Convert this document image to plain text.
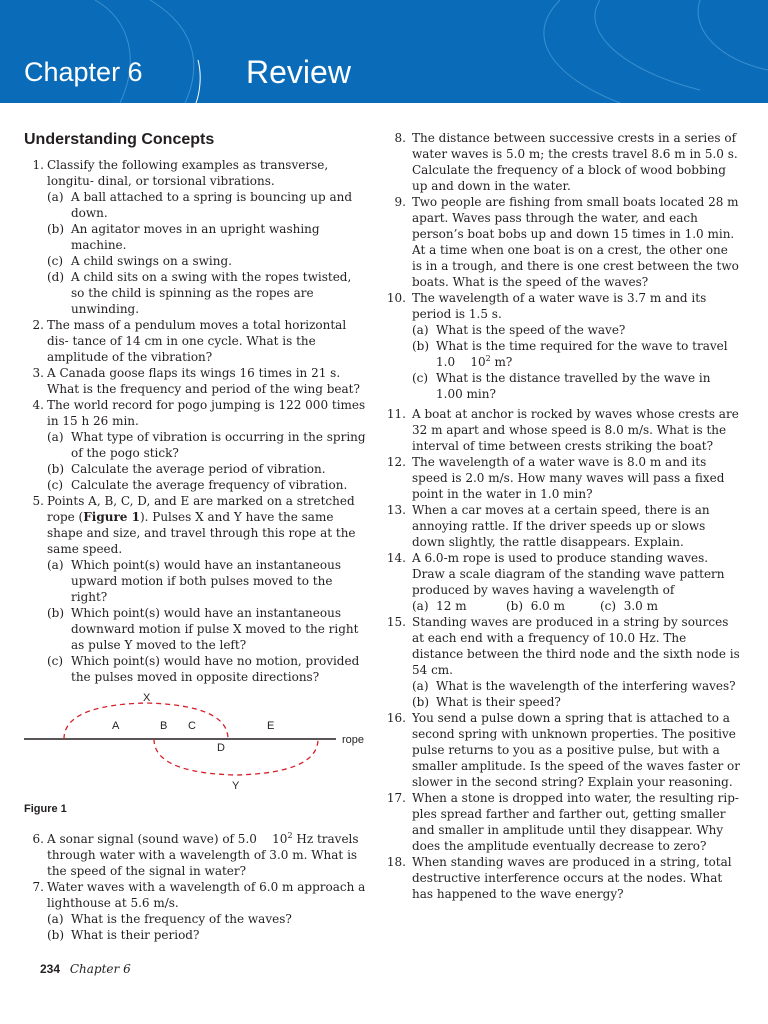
Chapter 6	Review
Understanding Concepts
1. Classify the following examples as transverse, longitu- dinal, or torsional vibrations.
(a) A ball attached to a spring is bouncing up and down.
(b) An agitator moves in an upright washing machine.
(c) A child swings on a swing.
(d) A child sits on a swing with the ropes twisted, so the child is spinning as the ropes are unwinding.
2. The mass of a pendulum moves a total horizontal dis- tance of 14 cm in one cycle. What is the amplitude of the vibration?
3. A Canada goose flaps its wings 16 times in 21 s. What is the frequency and period of the wing beat?
4. The world record for pogo jumping is 122 000 times in 15 h 26 min.
(a) What type of vibration is occurring in the spring of the pogo stick?
(b) Calculate the average period of vibration.
(c) Calculate the average frequency of vibration.
5. Points A, B, C, D, and E are marked on a stretched rope (Figure 1). Pulses X and Y have the same shape and size, and travel through this rope at the same speed.
(a) Which point(s) would have an instantaneous upward motion if both pulses moved to the right?
(b) Which point(s) would have an instantaneous downward motion if pulse X moved to the right as pulse Y moved to the left?
(c) Which point(s) would have no motion, provided the pulses moved in opposite directions?
X
A	B C
D
E
rope
Y
Figure 1
6. A sonar signal (sound wave) of 5.0 $10^2$ Hz travels through water with a wavelength of 3.0 m. What is the speed of the signal in water?
7. Water waves with a wavelength of 6.0 m approach a lighthouse at 5.6 m/s.
(a) What is the frequency of the waves?
(b) What is their period?
8. The distance between successive crests in a series of water waves is 5.0 m; the crests travel 8.6 m in 5.0 s. Calculate the frequency of a block of wood bobbing up and down in the water.
9. Two people are fishing from small boats located 28 m apart. Waves pass through the water, and each person’s boat bobs up and down 15 times in 1.0 min. At a time when one boat is on a crest, the other one is in a trough, and there is one crest between the two boats. What is the speed of the waves?
10. The wavelength of a water wave is 3.7 m and its period is 1.5 s.
(a) What is the speed of the wave?
(b) What is the time required for the wave to travel 1.0 $10^2$ m?
(c) What is the distance travelled by the wave in 1.00 min?
11. A boat at anchor is rocked by waves whose crests are 32 m apart and whose speed is 8.0 m/s. What is the interval of time between crests striking the boat?
12. The wavelength of a water wave is 8.0 m and its speed is 2.0 m/s. How many waves will pass a fixed point in the water in 1.0 min?
13. When a car moves at a certain speed, there is an annoying rattle. If the driver speeds up or slows down slightly, the rattle disappears. Explain.
14. A 6.0-m rope is used to produce standing waves. Draw a scale diagram of the standing wave pattern produced by waves having a wavelength of
(a)  12 m	(b)  6.0 m	(c)  3.0 m
15. Standing waves are produced in a string by sources at each end with a frequency of 10.0 Hz. The distance between the third node and the sixth node is 54 cm.
(a) What is the wavelength of the interfering waves?
(b) What is their speed?
16. You send a pulse down a spring that is attached to a second spring with unknown properties. The positive pulse returns to you as a positive pulse, but with a smaller amplitude. Is the speed of the waves faster or slower in the second string? Explain your reasoning.
17. When a stone is dropped into water, the resulting rip- ples spread farther and farther out, getting smaller and smaller in amplitude until they disappear. Why does the amplitude eventually decrease to zero?
18. When standing waves are produced in a string, total destructive interference occurs at the nodes. What has happened to the wave energy?
234 Chapter 6
